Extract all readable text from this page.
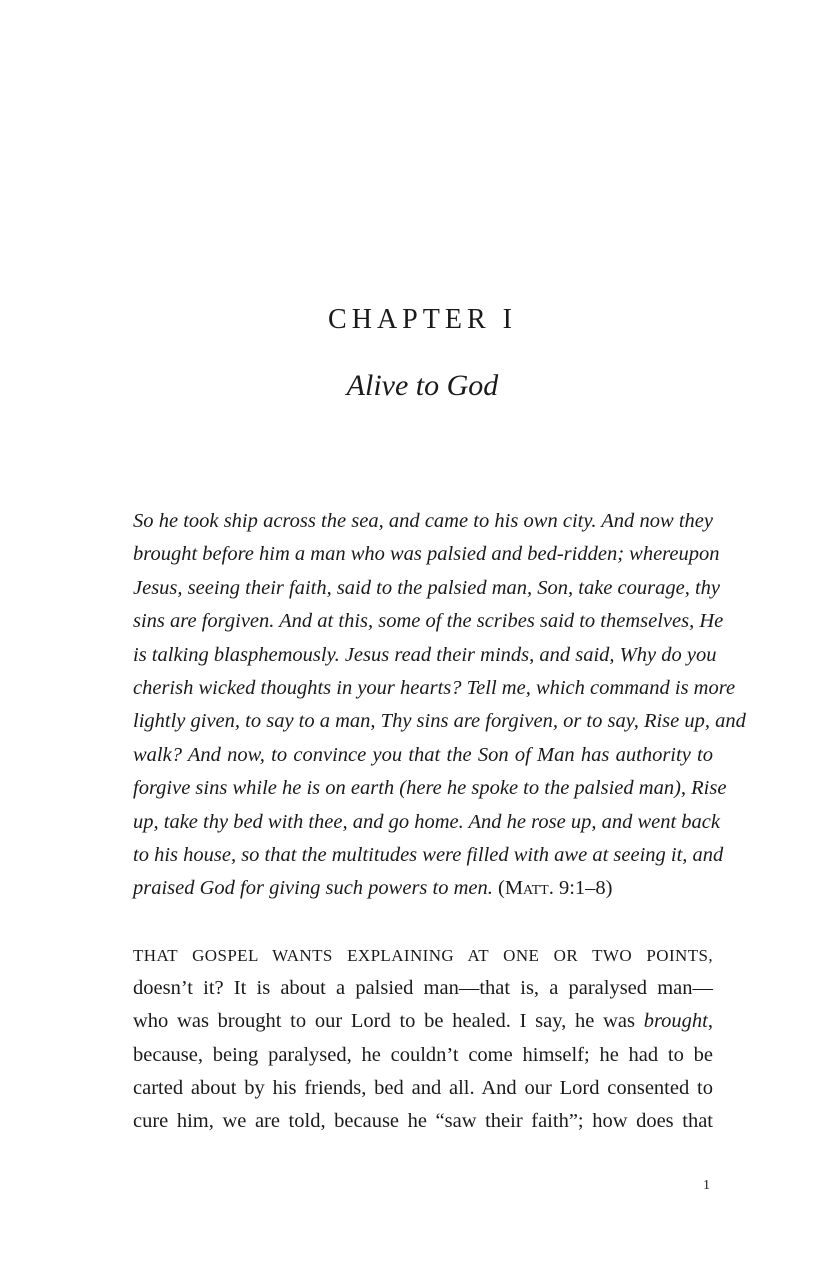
CHAPTER I
Alive to God
So he took ship across the sea, and came to his own city. And now they
brought before him a man who was palsied and bed-ridden; whereupon
Jesus, seeing their faith, said to the palsied man, Son, take courage, thy
sins are forgiven. And at this, some of the scribes said to themselves, He
is talking blasphemously. Jesus read their minds, and said, Why do you
cherish wicked thoughts in your hearts? Tell me, which command is more
lightly given, to say to a man, Thy sins are forgiven, or to say, Rise up, and
walk? And now, to convince you that the Son of Man has authority to
forgive sins while he is on earth (here he spoke to the palsied man), Rise
up, take thy bed with thee, and go home. And he rose up, and went back
to his house, so that the multitudes were filled with awe at seeing it, and
praised God for giving such powers to men. (Matt. 9:1–8)
THAT GOSPEL WANTS EXPLAINING AT ONE OR TWO POINTS,
doesn’t it? It is about a palsied man—that is, a paralysed man—
who was brought to our Lord to be healed. I say, he was brought,
because, being paralysed, he couldn’t come himself; he had to be
carted about by his friends, bed and all. And our Lord consented to
cure him, we are told, because he “saw their faith”; how does that
1
